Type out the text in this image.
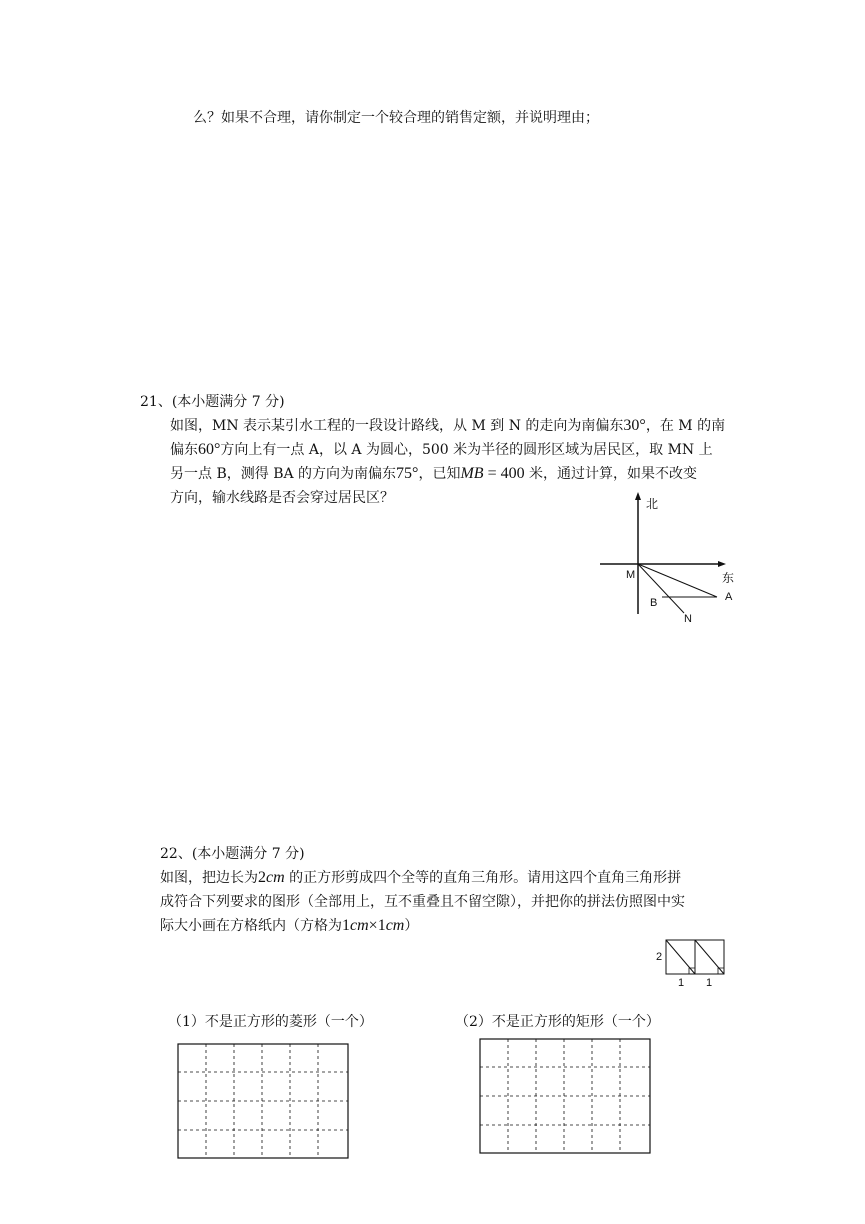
么？如果不合理，请你制定一个较合理的销售定额，并说明理由；
21、(本小题满分 7 分)
如图，MN 表示某引水工程的一段设计路线，从 M 到 N 的走向为南偏东30°，在 M 的南
偏东60°方向上有一点 A，以 A 为圆心，500 米为半径的圆形区域为居民区，取 MN 上
另一点 B，测得 BA 的方向为南偏东75°，已知MB = 400 米，通过计算，如果不改变
方向，输水线路是否会穿过居民区？	北
东
M
A
B
N
22、(本小题满分 7 分)
如图，把边长为2cm 的正方形剪成四个全等的直角三角形。请用这四个直角三角形拼
成符合下列要求的图形（全部用上，互不重叠且不留空隙），并把你的拼法仿照图中实
际大小画在方格纸内（方格为1cm×1cm）
2
1 1
（1）不是正方形的菱形（一个）	（2）不是正方形的矩形（一个）
